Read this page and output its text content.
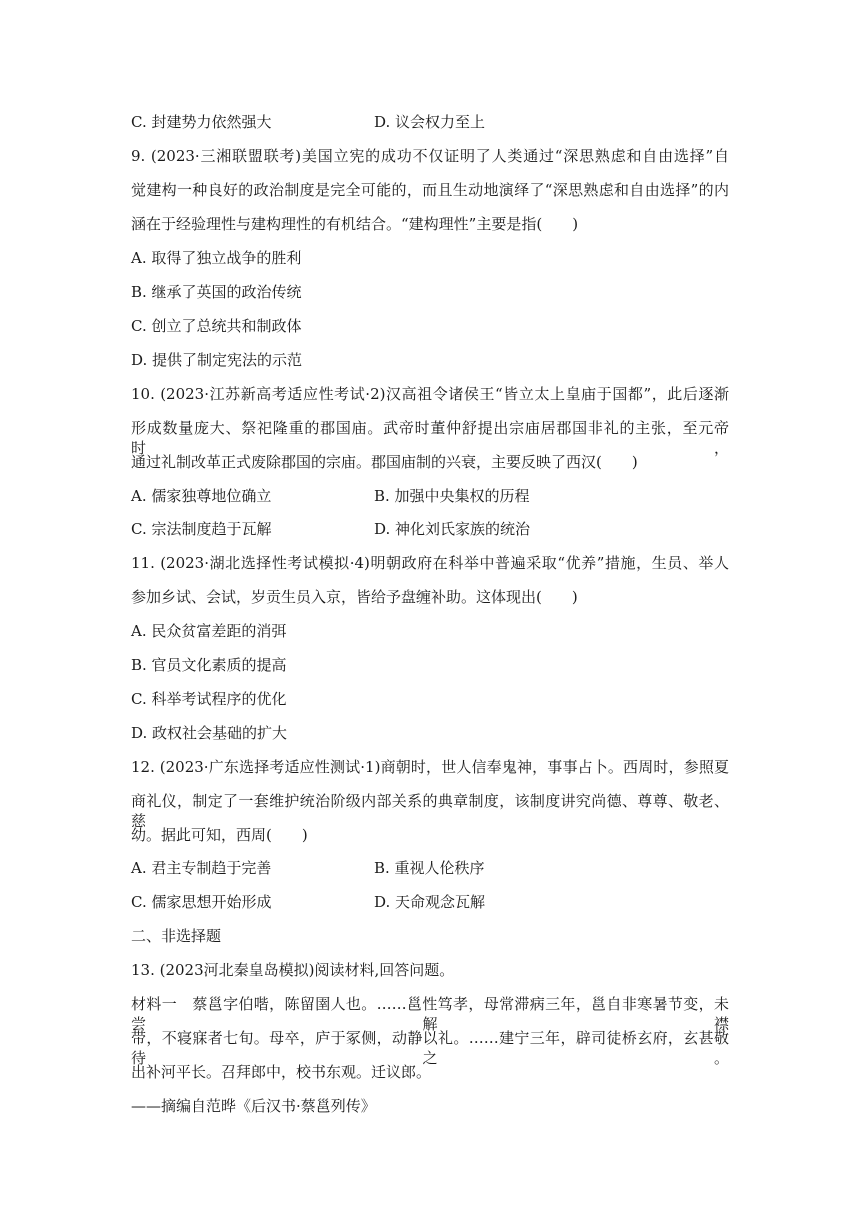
C. 封建势力依然强大	D. 议会权力至上
9. (2023·三湘联盟联考)美国立宪的成功不仅证明了人类通过“深思熟虑和自由选择”自
觉建构一种良好的政治制度是完全可能的，而且生动地演绎了“深思熟虑和自由选择”的内
涵在于经验理性与建构理性的有机结合。“建构理性”主要是指(　　)
A. 取得了独立战争的胜利
B. 继承了英国的政治传统
C. 创立了总统共和制政体
D. 提供了制定宪法的示范
10. (2023·江苏新高考适应性考试·2)汉高祖令诸侯王“皆立太上皇庙于国都”，此后逐渐
形成数量庞大、祭祀隆重的郡国庙。武帝时董仲舒提出宗庙居郡国非礼的主张，至元帝时，
通过礼制改革正式废除郡国的宗庙。郡国庙制的兴衰，主要反映了西汉(　　)
A. 儒家独尊地位确立	B. 加强中央集权的历程
C. 宗法制度趋于瓦解	D. 神化刘氏家族的统治
11. (2023·湖北选择性考试模拟·4)明朝政府在科举中普遍采取“优养”措施，生员、举人
参加乡试、会试，岁贡生员入京，皆给予盘缠补助。这体现出(　　)
A. 民众贫富差距的消弭
B. 官员文化素质的提高
C. 科举考试程序的优化
D. 政权社会基础的扩大
12. (2023·广东选择考适应性测试·1)商朝时，世人信奉鬼神，事事占卜。西周时，参照夏
商礼仪，制定了一套维护统治阶级内部关系的典章制度，该制度讲究尚德、尊尊、敬老、慈
幼。据此可知，西周(　　)
A. 君主专制趋于完善	B. 重视人伦秩序
C. 儒家思想开始形成	D. 天命观念瓦解
二、非选择题
13. (2023河北秦皇岛模拟)阅读材料,回答问题。
材料一　蔡邕字伯喈，陈留圉人也。……邕性笃孝，母常滞病三年，邕自非寒暑节变，未尝解襟
带，不寝寐者七旬。母卒，庐于冢侧，动静以礼。……建宁三年，辟司徒桥玄府，玄甚敬待之。
出补河平长。召拜郎中，校书东观。迁议郎。
——摘编自范晔《后汉书·蔡邕列传》
